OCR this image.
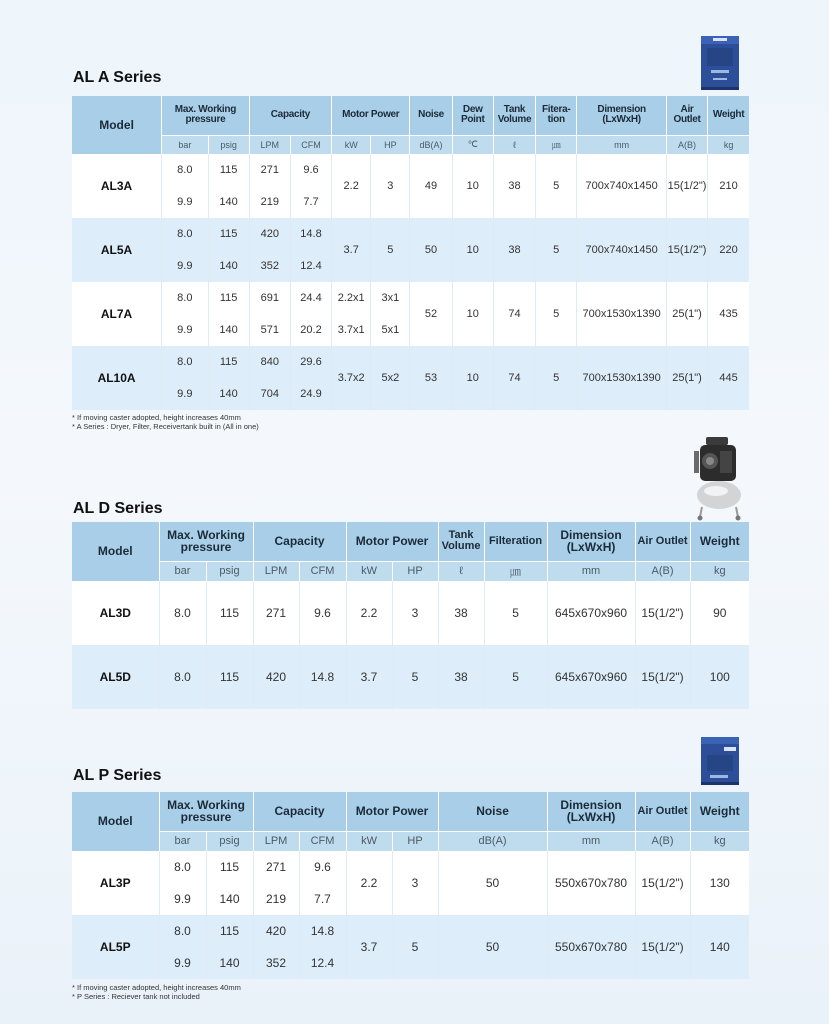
AL A Series
Model	Max. Working pressure		Capacity		Motor Power		Noise	Dew Point	Tank Volume	Fitera- tion	Dimension (LxWxH)	Air Outlet	Weight
	bar	psig	LPM	CFM	kW	HP	dB(A)	℃	ℓ	㎛	mm	A(B)	kg
AL3A	8.0	115	271	9.6	2.2	3	49	10	38	5	700x740x1450	15(1/2")	210
	9.9	140	219	7.7									
AL5A	8.0	115	420	14.8	3.7	5	50	10	38	5	700x740x1450	15(1/2")	220
	9.9	140	352	12.4									
AL7A	8.0	115	691	24.4	2.2x1	3x1	52	10	74	5	700x1530x1390	25(1")	435
	9.9	140	571	20.2	3.7x1	5x1							
AL10A	8.0	115	840	29.6	3.7x2	5x2	53	10	74	5	700x1530x1390	25(1")	445
	9.9	140	704	24.9									
* If moving caster adopted, height increases 40mm
* A Series : Dryer, Filter, Receivertank built in (All in one)
AL D Series
Model	Max. Working pressure		Capacity		Motor Power		Tank Volume	Filteration	Dimension (LxWxH)	Air Outlet	Weight
	bar	psig	LPM	CFM	kW	HP	ℓ	㎛	mm	A(B)	kg
AL3D	8.0	115	271	9.6	2.2	3	38	5	645x670x960	15(1/2")	90
AL5D	8.0	115	420	14.8	3.7	5	38	5	645x670x960	15(1/2")	100
AL P Series
Model	Max. Working pressure		Capacity		Motor Power		Noise	Dimension (LxWxH)	Air Outlet	Weight
	bar	psig	LPM	CFM	kW	HP	dB(A)	mm	A(B)	kg
AL3P	8.0	115	271	9.6	2.2	3	50	550x670x780	15(1/2")	130
	9.9	140	219	7.7						
AL5P	8.0	115	420	14.8	3.7	5	50	550x670x780	15(1/2")	140
	9.9	140	352	12.4						
* If moving caster adopted, height increases 40mm
* P Series : Reciever tank not included
